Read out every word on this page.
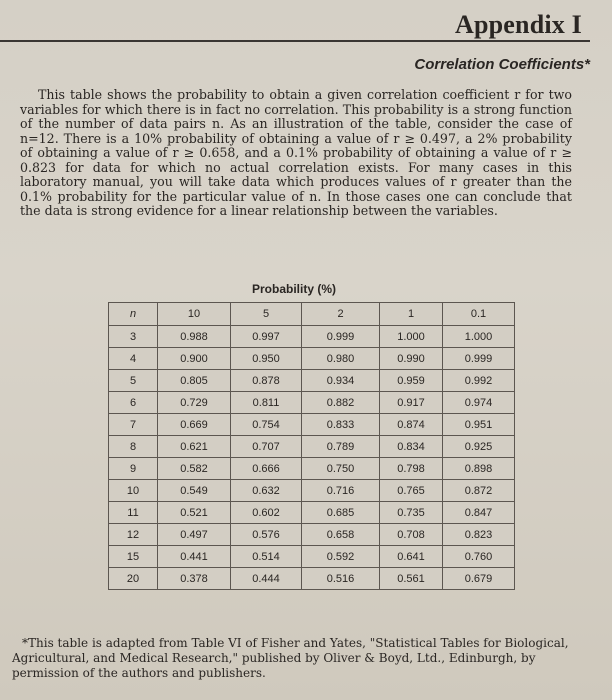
Appendix I
Correlation Coefficients*

This table shows the probability to obtain a given correlation coefficient r for two variables for which there is in fact no correlation. This probability is a strong function of the number of data pairs n. As an illustration of the table, consider the case of n=12. There is a 10% probability of obtaining a value of r ≥ 0.497, a 2% probability of obtaining a value of r ≥ 0.658, and a 0.1% probability of obtaining a value of r ≥ 0.823 for data for which no actual correlation exists. For many cases in this laboratory manual, you will take data which produces values of r greater than the 0.1% probability for the particular value of n. In those cases one can conclude that the data is strong evidence for a linear relationship between the variables.

Probability (%)
n	10	5	2	1	0.1
3	0.988	0.997	0.999	1.000	1.000
4	0.900	0.950	0.980	0.990	0.999
5	0.805	0.878	0.934	0.959	0.992
6	0.729	0.811	0.882	0.917	0.974
7	0.669	0.754	0.833	0.874	0.951
8	0.621	0.707	0.789	0.834	0.925
9	0.582	0.666	0.750	0.798	0.898
10	0.549	0.632	0.716	0.765	0.872
11	0.521	0.602	0.685	0.735	0.847
12	0.497	0.576	0.658	0.708	0.823
15	0.441	0.514	0.592	0.641	0.760
20	0.378	0.444	0.516	0.561	0.679

*This table is adapted from Table VI of Fisher and Yates, "Statistical Tables for Biological, Agricultural, and Medical Research," published by Oliver & Boyd, Ltd., Edinburgh, by permission of the authors and publishers.
